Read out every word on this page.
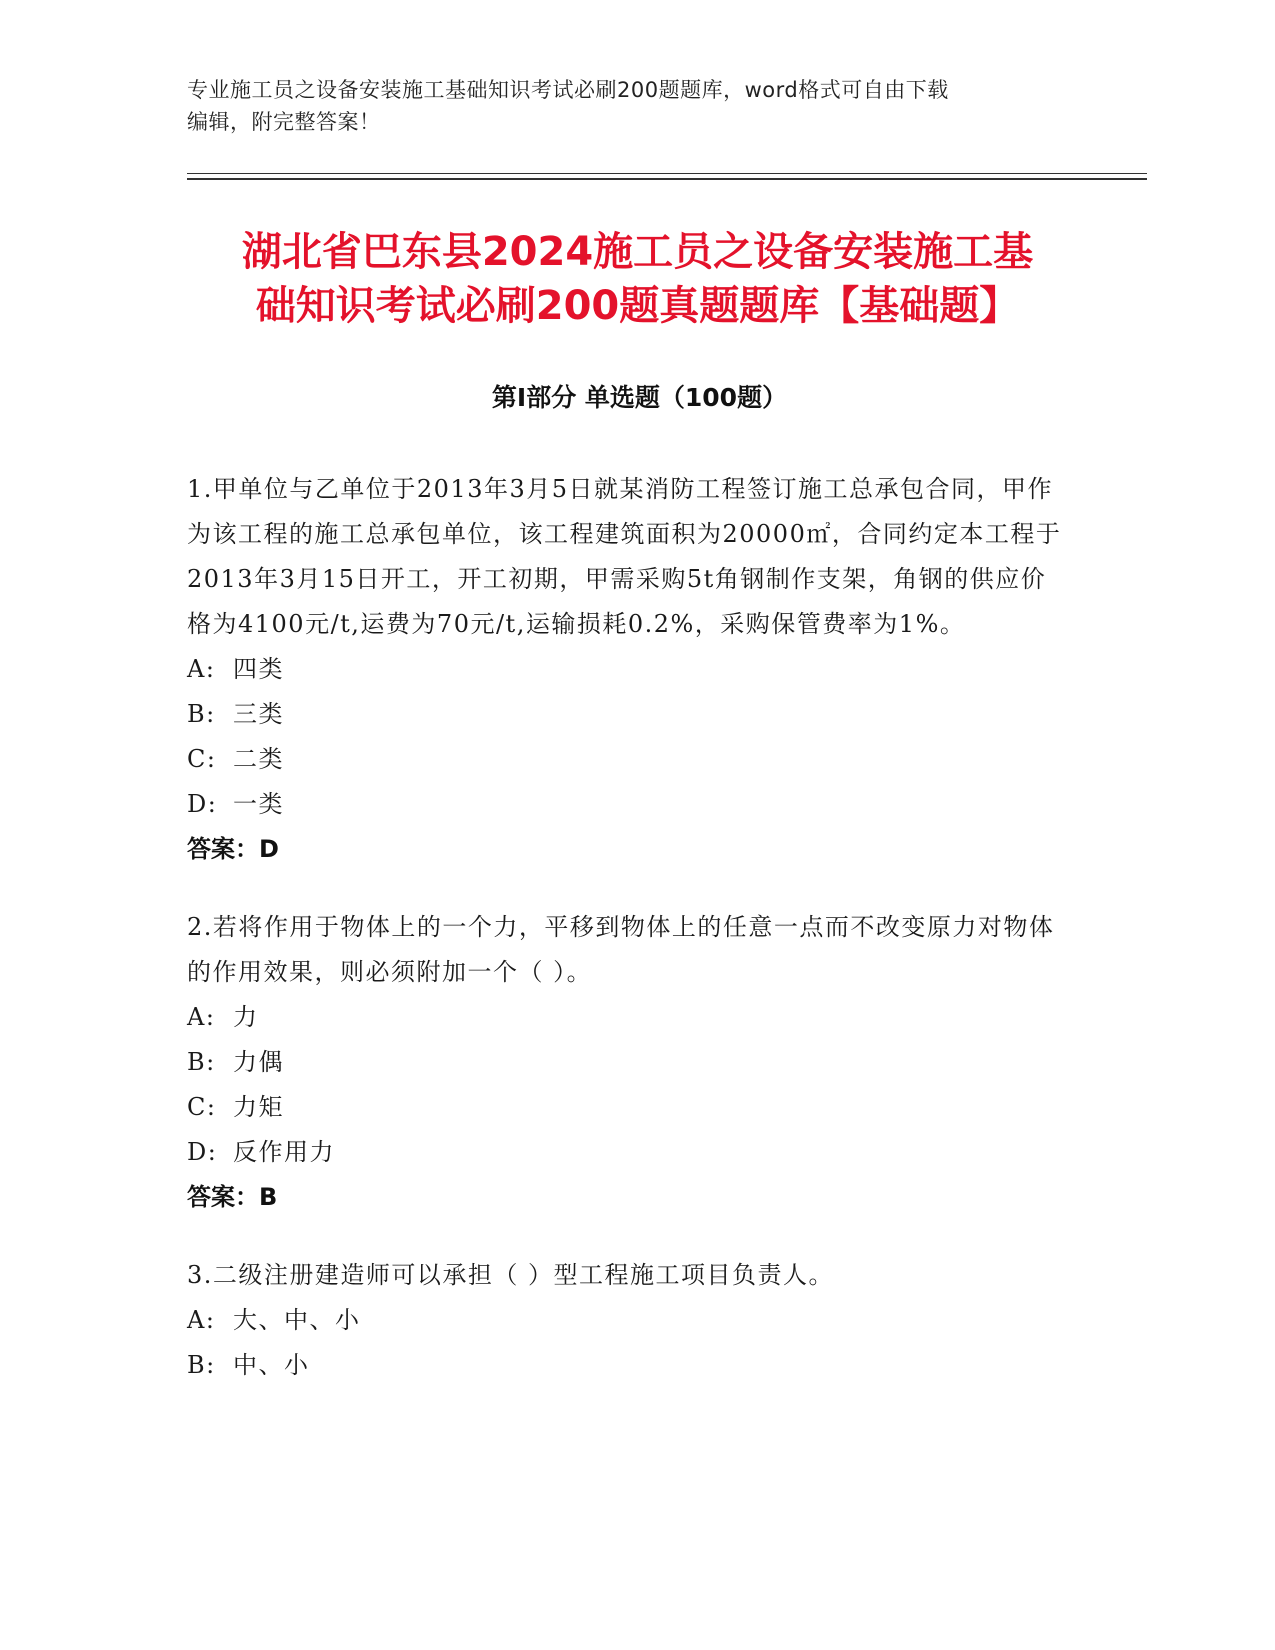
专业施工员之设备安装施工基础知识考试必刷200题题库，word格式可自由下载
编辑，附完整答案！
湖北省巴东县2024施工员之设备安装施工基
础知识考试必刷200题真题题库【基础题】
第Ⅰ部分 单选题（100题）
1.甲单位与乙单位于2013年3月5日就某消防工程签订施工总承包合同，甲作为该工程的施工总承包单位，该工程建筑面积为20000㎡，合同约定本工程于2013年3月15日开工，开工初期，甲需采购5t角钢制作支架，角钢的供应价格为4100元/t,运费为70元/t,运输损耗0.2%，采购保管费率为1%。
A: 四类
B: 三类
C: 二类
D: 一类
答案：D
2.若将作用于物体上的一个力，平移到物体上的任意一点而不改变原力对物体的作用效果，则必须附加一个（ ）。
A: 力
B: 力偶
C: 力矩
D: 反作用力
答案：B
3.二级注册建造师可以承担（ ）型工程施工项目负责人。
A: 大、中、小
B: 中、小
